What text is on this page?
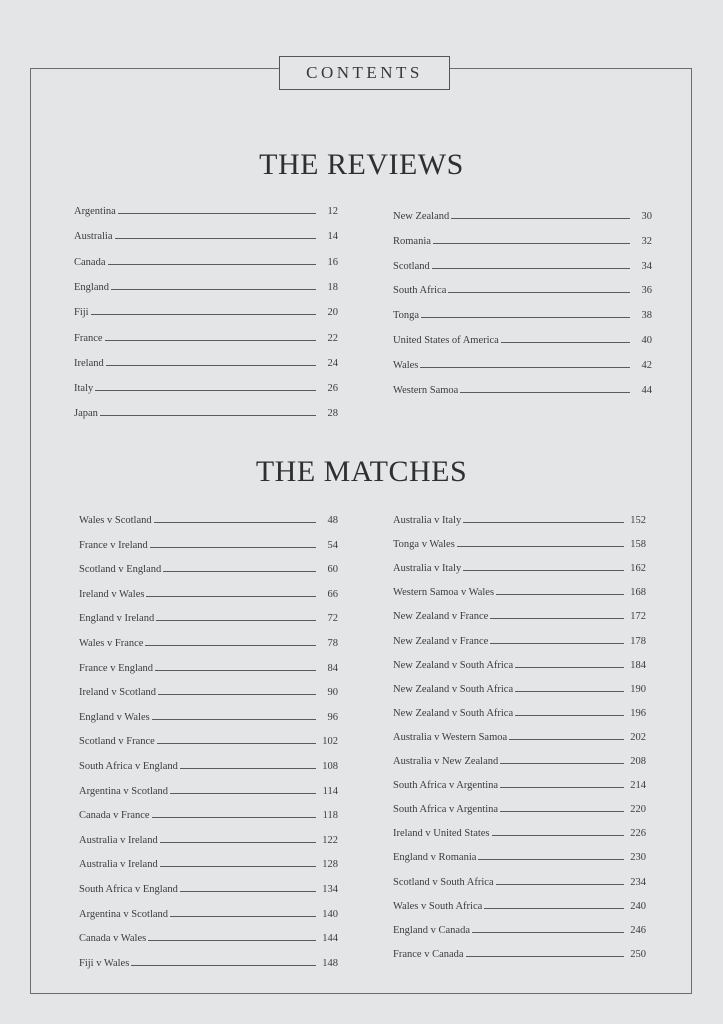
CONTENTS
THE REVIEWS
THE MATCHES
Argentina	12
Australia	14
Canada	16
England	18
Fiji	20
France	22
Ireland	24
Italy	26
Japan	28
New Zealand	30
Romania	32
Scotland	34
South Africa	36
Tonga	38
United States of America	40
Wales	42
Western Samoa	44
Wales v Scotland	48
France v Ireland	54
Scotland v England	60
Ireland v Wales	66
England v Ireland	72
Wales v France	78
France v England	84
Ireland v Scotland	90
England v Wales	96
Scotland v France	102
South Africa v England	108
Argentina v Scotland	114
Canada v France	118
Australia v Ireland	122
Australia v Ireland	128
South Africa v England	134
Argentina v Scotland	140
Canada v Wales	144
Fiji v Wales	148
Australia v Italy	152
Tonga v Wales	158
Australia v Italy	162
Western Samoa v Wales	168
New Zealand v France	172
New Zealand v France	178
New Zealand v South Africa	184
New Zealand v South Africa	190
New Zealand v South Africa	196
Australia v Western Samoa	202
Australia v New Zealand	208
South Africa v Argentina	214
South Africa v Argentina	220
Ireland v United States	226
England v Romania	230
Scotland v South Africa	234
Wales v South Africa	240
England v Canada	246
France v Canada	250
